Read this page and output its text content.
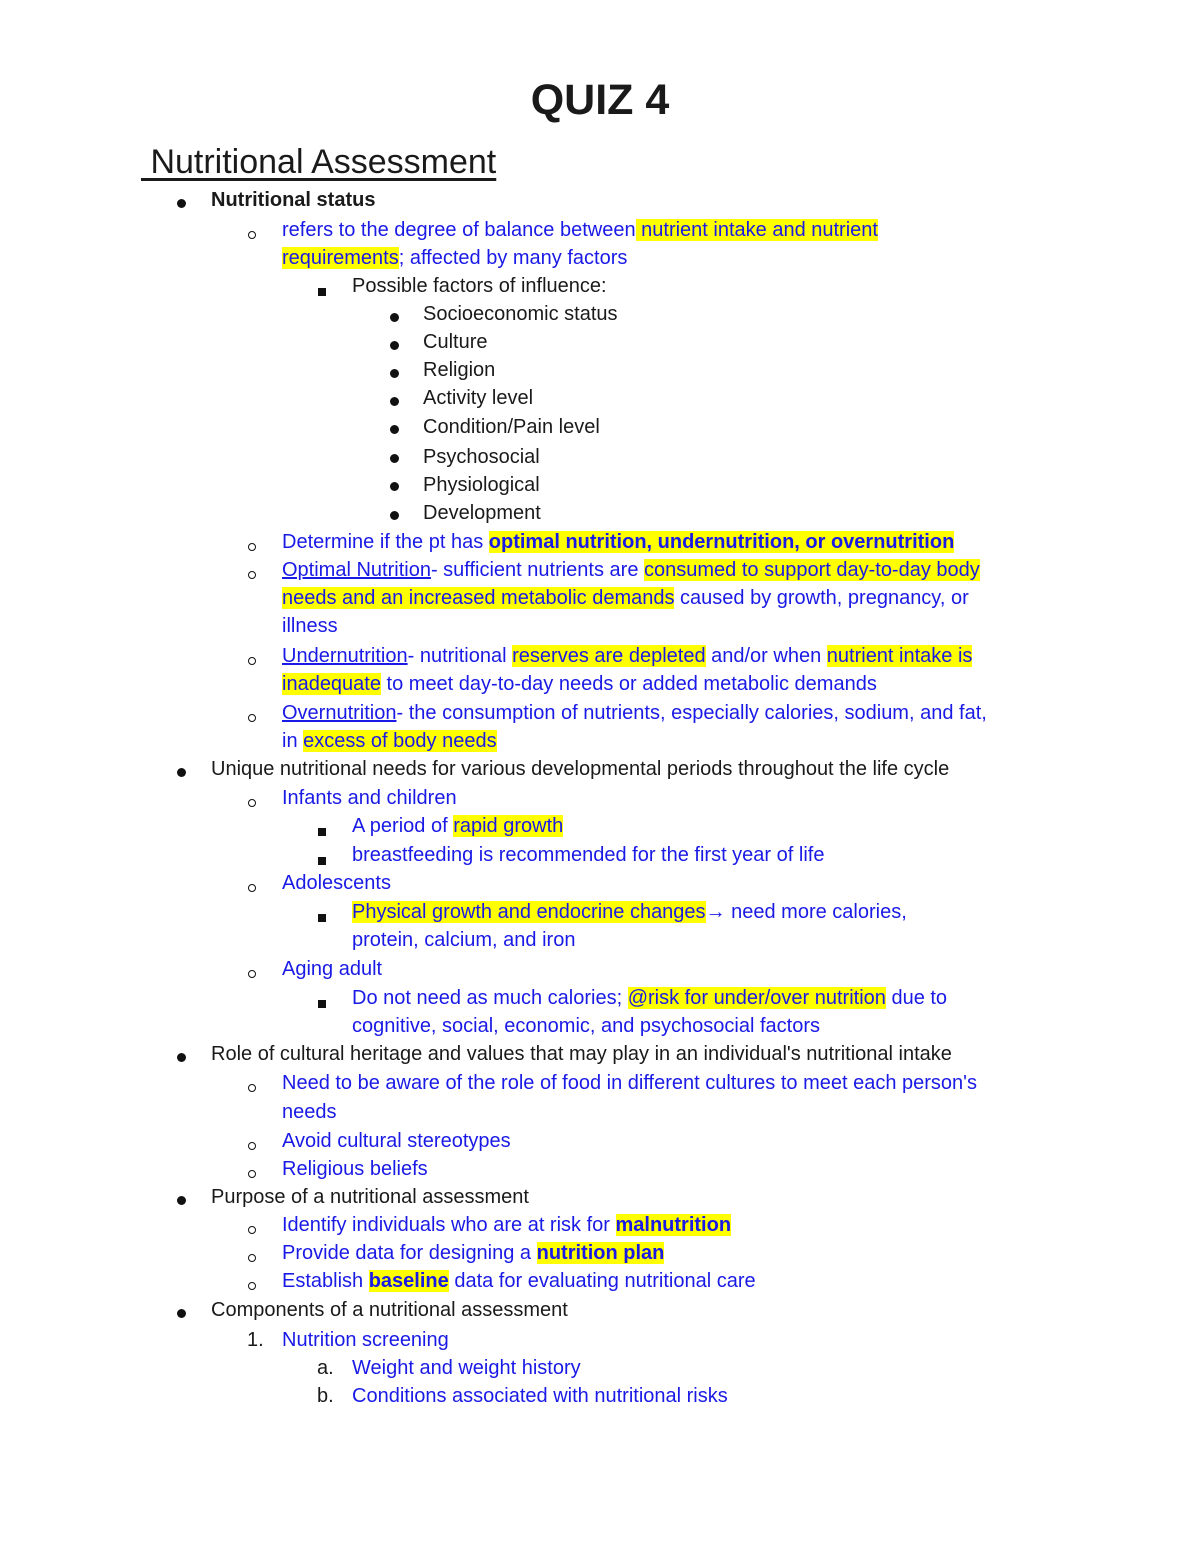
QUIZ 4
Nutritional Assessment
Nutritional status
refers to the degree of balance between nutrient intake and nutrient
requirements; affected by many factors
Possible factors of influence:
Socioeconomic status
Culture
Religion
Activity level
Condition/Pain level
Psychosocial
Physiological
Development
Determine if the pt has optimal nutrition, undernutrition, or overnutrition
Optimal Nutrition- sufficient nutrients are consumed to support day-to-day body
needs and an increased metabolic demands caused by growth, pregnancy, or
illness
Undernutrition- nutritional reserves are depleted and/or when nutrient intake is
inadequate to meet day-to-day needs or added metabolic demands
Overnutrition- the consumption of nutrients, especially calories, sodium, and fat,
in excess of body needs
Unique nutritional needs for various developmental periods throughout the life cycle
Infants and children
A period of rapid growth
breastfeeding is recommended for the first year of life
Adolescents
Physical growth and endocrine changes→ need more calories,
protein, calcium, and iron
Aging adult
Do not need as much calories; @risk for under/over nutrition due to
cognitive, social, economic, and psychosocial factors
Role of cultural heritage and values that may play in an individual's nutritional intake
Need to be aware of the role of food in different cultures to meet each person's
needs
Avoid cultural stereotypes
Religious beliefs
Purpose of a nutritional assessment
Identify individuals who are at risk for malnutrition
Provide data for designing a nutrition plan
Establish baseline data for evaluating nutritional care
Components of a nutritional assessment
1. Nutrition screening
a. Weight and weight history
b. Conditions associated with nutritional risks
